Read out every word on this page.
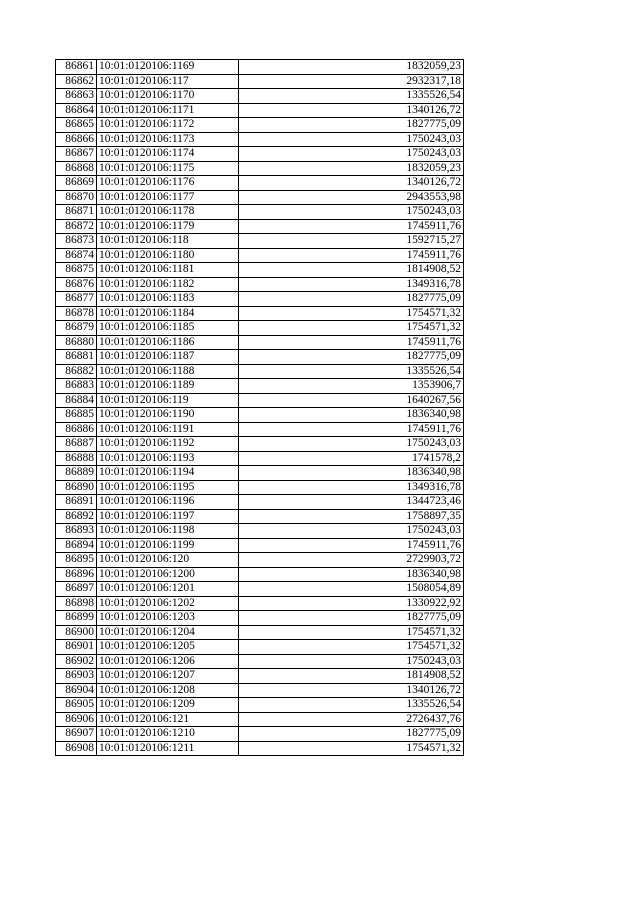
86861	10:01:0120106:1169	1832059,23
86862	10:01:0120106:117	2932317,18
86863	10:01:0120106:1170	1335526,54
86864	10:01:0120106:1171	1340126,72
86865	10:01:0120106:1172	1827775,09
86866	10:01:0120106:1173	1750243,03
86867	10:01:0120106:1174	1750243,03
86868	10:01:0120106:1175	1832059,23
86869	10:01:0120106:1176	1340126,72
86870	10:01:0120106:1177	2943553,98
86871	10:01:0120106:1178	1750243,03
86872	10:01:0120106:1179	1745911,76
86873	10:01:0120106:118	1592715,27
86874	10:01:0120106:1180	1745911,76
86875	10:01:0120106:1181	1814908,52
86876	10:01:0120106:1182	1349316,78
86877	10:01:0120106:1183	1827775,09
86878	10:01:0120106:1184	1754571,32
86879	10:01:0120106:1185	1754571,32
86880	10:01:0120106:1186	1745911,76
86881	10:01:0120106:1187	1827775,09
86882	10:01:0120106:1188	1335526,54
86883	10:01:0120106:1189	1353906,7
86884	10:01:0120106:119	1640267,56
86885	10:01:0120106:1190	1836340,98
86886	10:01:0120106:1191	1745911,76
86887	10:01:0120106:1192	1750243,03
86888	10:01:0120106:1193	1741578,2
86889	10:01:0120106:1194	1836340,98
86890	10:01:0120106:1195	1349316,78
86891	10:01:0120106:1196	1344723,46
86892	10:01:0120106:1197	1758897,35
86893	10:01:0120106:1198	1750243,03
86894	10:01:0120106:1199	1745911,76
86895	10:01:0120106:120	2729903,72
86896	10:01:0120106:1200	1836340,98
86897	10:01:0120106:1201	1508054,89
86898	10:01:0120106:1202	1330922,92
86899	10:01:0120106:1203	1827775,09
86900	10:01:0120106:1204	1754571,32
86901	10:01:0120106:1205	1754571,32
86902	10:01:0120106:1206	1750243,03
86903	10:01:0120106:1207	1814908,52
86904	10:01:0120106:1208	1340126,72
86905	10:01:0120106:1209	1335526,54
86906	10:01:0120106:121	2726437,76
86907	10:01:0120106:1210	1827775,09
86908	10:01:0120106:1211	1754571,32
